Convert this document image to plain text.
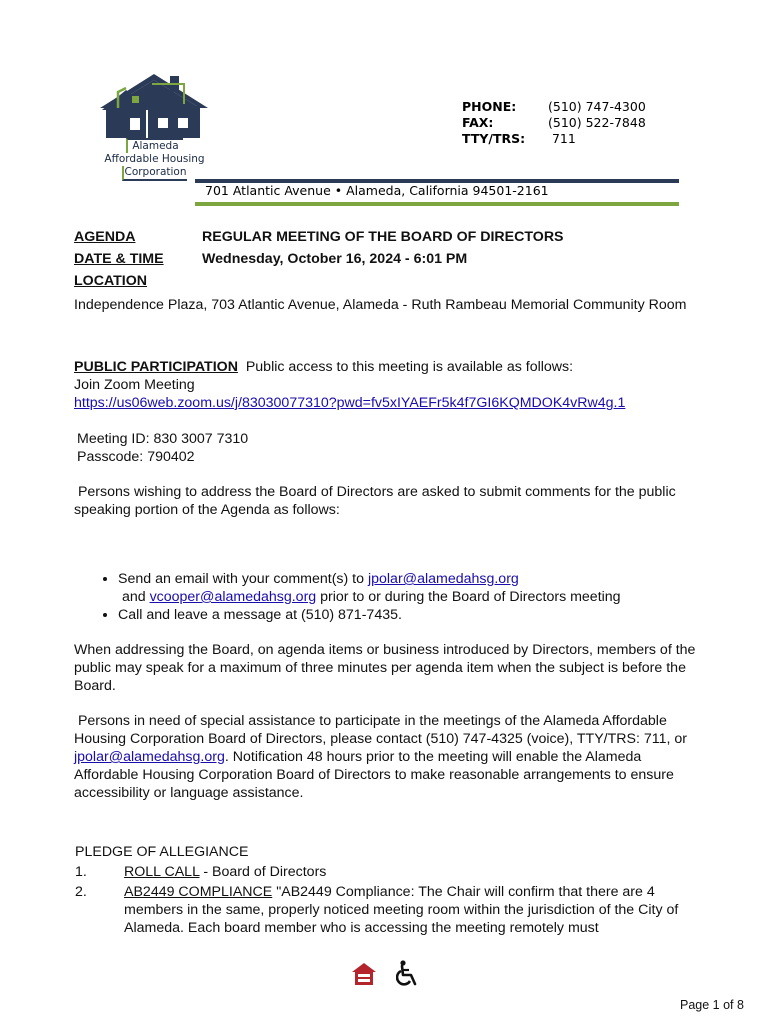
Alameda
Affordable Housing
Corporation
PHONE:	(510) 747-4300
FAX:	(510) 522-7848
TTY/TRS: 711
701 Atlantic Avenue • Alameda, California 94501-2161
AGENDA	REGULAR MEETING OF THE BOARD OF DIRECTORS
DATE & TIME	Wednesday, October 16, 2024 - 6:01 PM
LOCATION
Independence Plaza, 703 Atlantic Avenue, Alameda - Ruth Rambeau Memorial Community Room
PUBLIC PARTICIPATION  Public access to this meeting is available as follows:
Join Zoom Meeting
https://us06web.zoom.us/j/83030077310?pwd=fv5xIYAEFr5k4f7GI6KQMDOK4vRw4g.1
Meeting ID: 830 3007 7310
Passcode: 790402
Persons wishing to address the Board of Directors are asked to submit comments for the public speaking portion of the Agenda as follows:
• Send an email with your comment(s) to jpolar@alamedahsg.org and vcooper@alamedahsg.org prior to or during the Board of Directors meeting
• Call and leave a message at (510) 871-7435.
When addressing the Board, on agenda items or business introduced by Directors, members of the public may speak for a maximum of three minutes per agenda item when the subject is before the Board.
Persons in need of special assistance to participate in the meetings of the Alameda Affordable Housing Corporation Board of Directors, please contact (510) 747-4325 (voice), TTY/TRS: 711, or jpolar@alamedahsg.org. Notification 48 hours prior to the meeting will enable the Alameda Affordable Housing Corporation Board of Directors to make reasonable arrangements to ensure accessibility or language assistance.
PLEDGE OF ALLEGIANCE
1.	ROLL CALL - Board of Directors
2.	AB2449 COMPLIANCE "AB2449 Compliance: The Chair will confirm that there are 4 members in the same, properly noticed meeting room within the jurisdiction of the City of Alameda. Each board member who is accessing the meeting remotely must
Page 1 of 8
